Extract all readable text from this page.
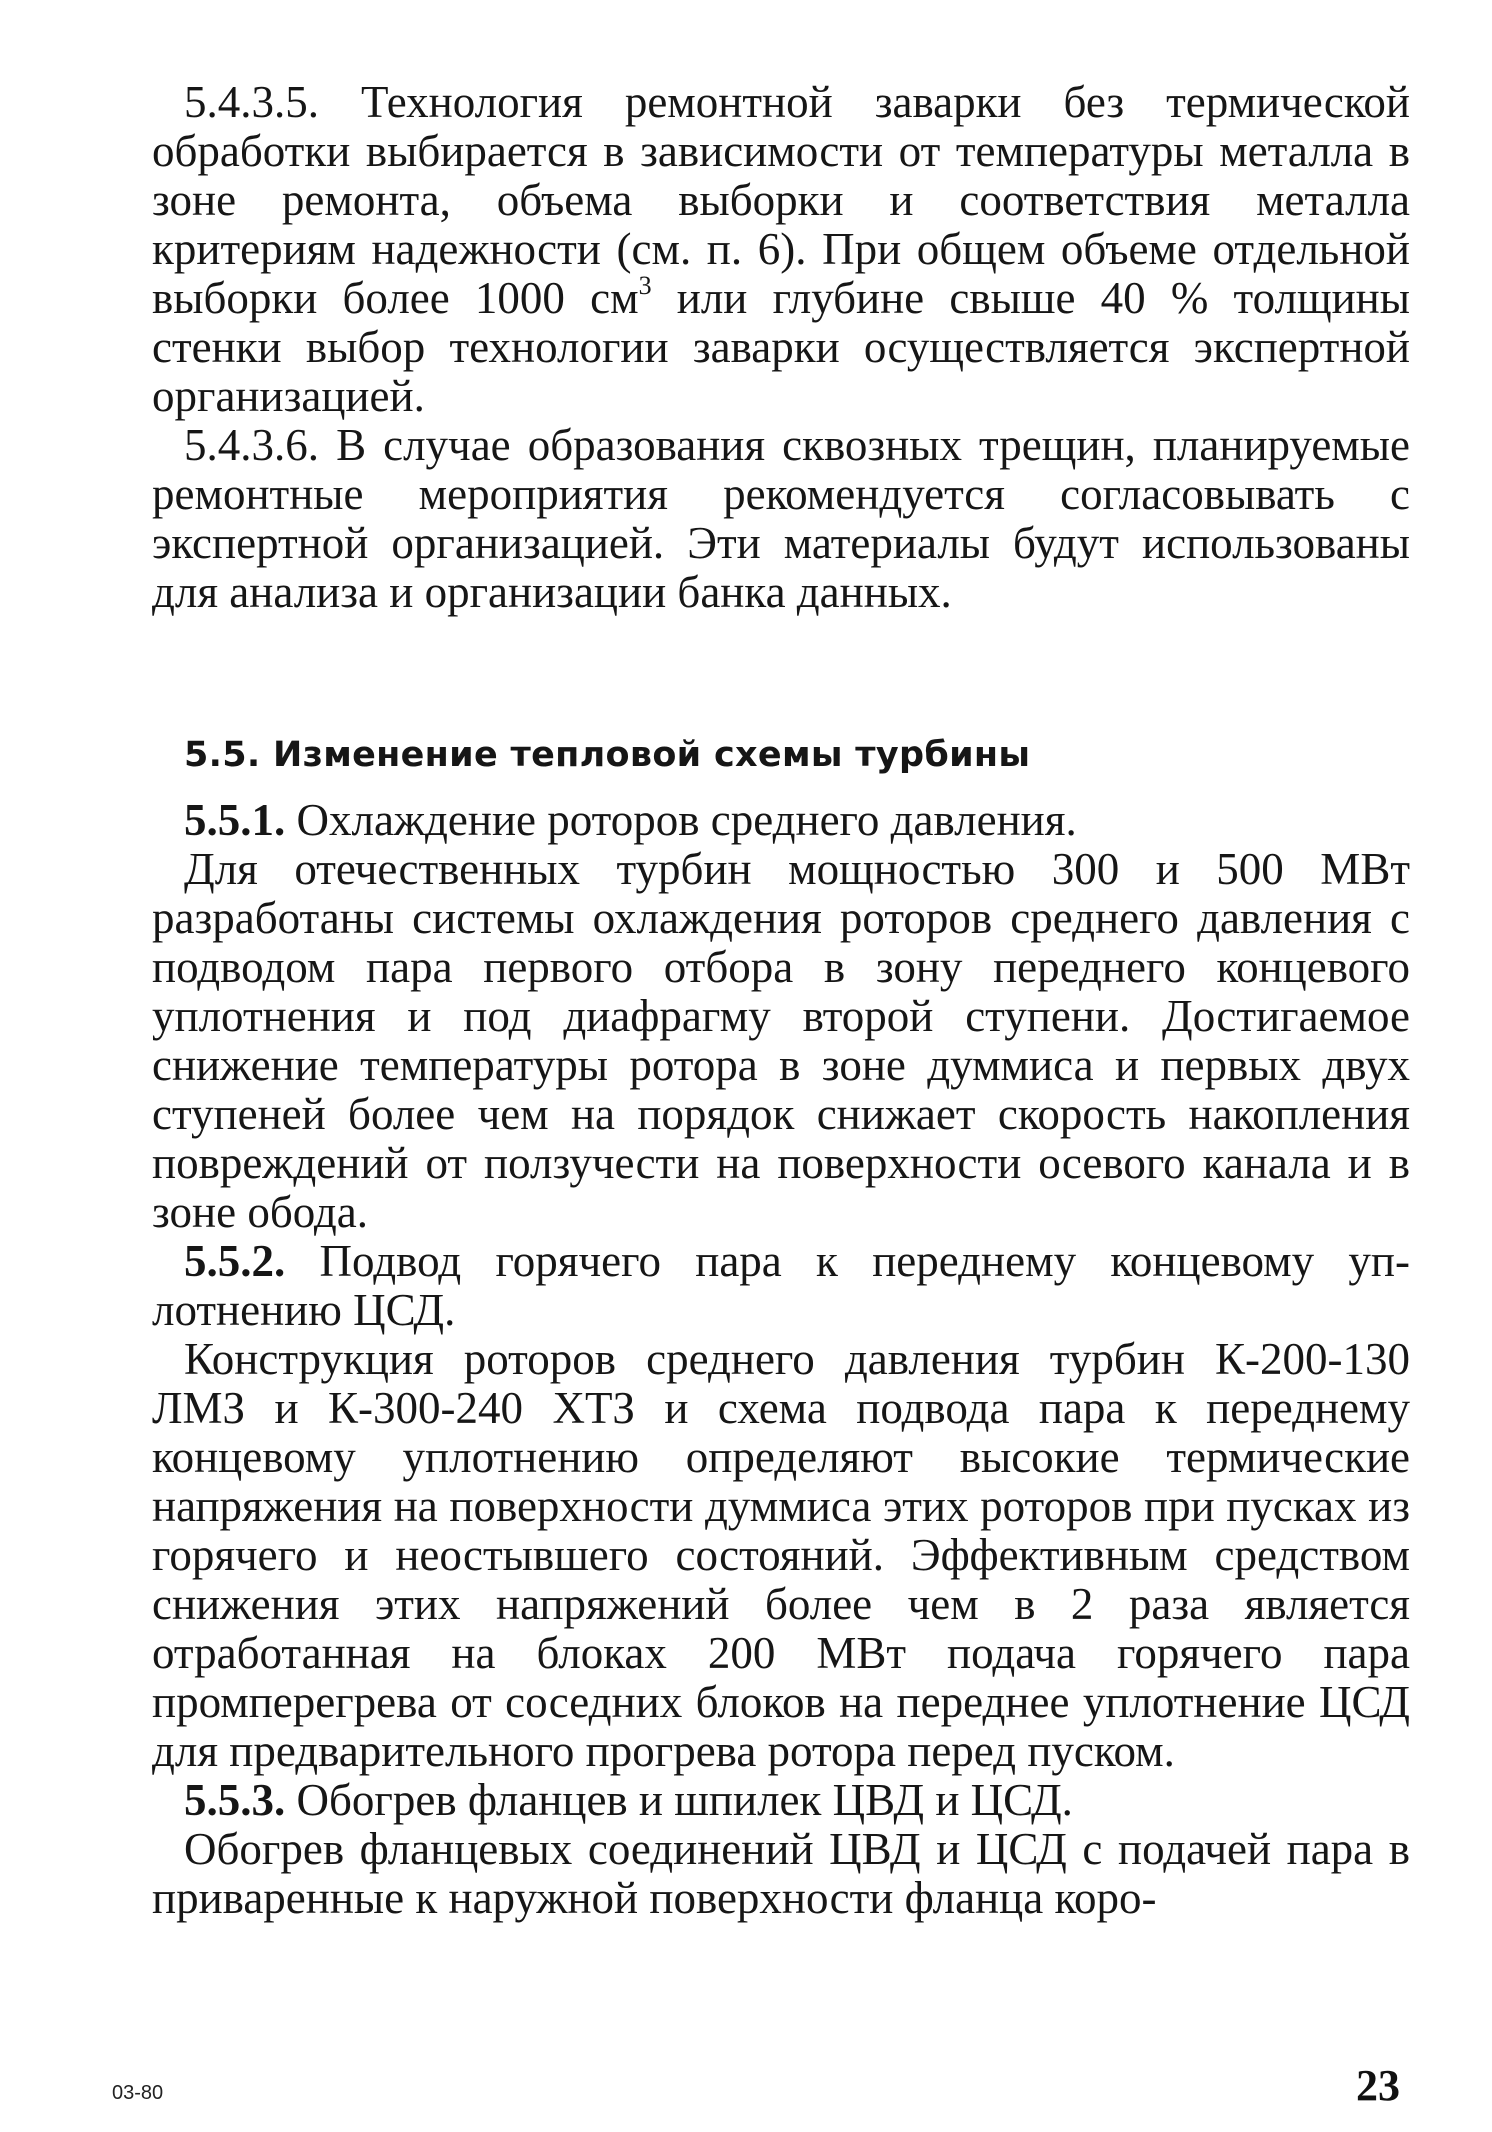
5.4.3.5. Технология ремонтной заварки без термической обработки выбирается в зависимости от температуры металла в зоне ремонта, объема выборки и соответствия металла критериям надежности (см. п. 6). При общем объеме отдельной выборки более 1000 $см^3$ или глубине свыше 40 % толщины стенки выбор технологии заварки осуществляется экспертной организацией.

5.4.3.6. В случае образования сквозных трещин, планируемые ремонтные мероприятия рекомендуется согласовывать с экспертной организацией. Эти материалы будут использованы для анализа и организации банка данных.

5.5. Изменение тепловой схемы турбины

5.5.1. Охлаждение роторов среднего давления.

Для отечественных турбин мощностью 300 и 500 МВт разработаны системы охлаждения роторов среднего давления с подводом пара первого отбора в зону переднего концевого уплотнения и под диафрагму второй ступени. Достигаемое снижение температуры ротора в зоне думмиса и первых двух ступеней более чем на порядок снижает скорость накопления повреждений от ползучести на поверхности осевого канала и в зоне обода.

5.5.2. Подвод горячего пара к переднему концевому уплотнению ЦСД.

Конструкция роторов среднего давления турбин К-200-130 ЛМЗ и К-300-240 ХТЗ и схема подвода пара к переднему концевому уплотнению определяют высокие термические напряжения на поверхности думмиса этих роторов при пусках из горячего и неостывшего состояний. Эффективным средством снижения этих напряжений более чем в 2 раза является отработанная на блоках 200 МВт подача горячего пара промперегрева от соседних блоков на переднее уплотнение ЦСД для предварительного прогрева ротора перед пуском.

5.5.3. Обогрев фланцев и шпилек ЦВД и ЦСД.

Обогрев фланцевых соединений ЦВД и ЦСД с подачей пара в приваренные к наружной поверхности фланца коро-

03-80	23
